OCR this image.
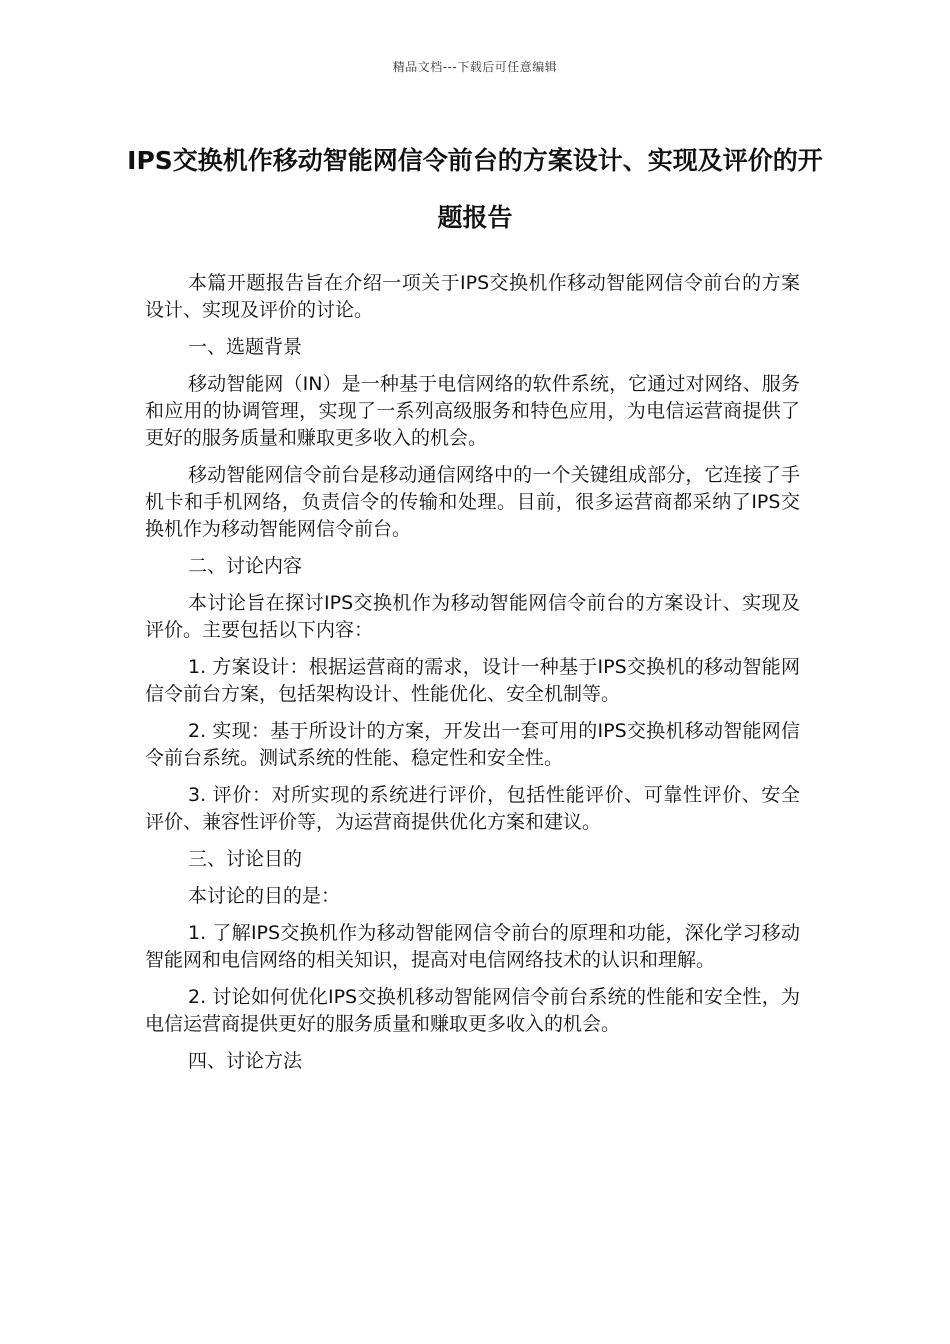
精品文档---下载后可任意编辑
IPS交换机作移动智能网信令前台的方案设计、实现及评价的开题报告

本篇开题报告旨在介绍一项关于IPS交换机作移动智能网信令前台的方案设计、实现及评价的讨论。

一、选题背景

移动智能网（IN）是一种基于电信网络的软件系统，它通过对网络、服务和应用的协调管理，实现了一系列高级服务和特色应用，为电信运营商提供了更好的服务质量和赚取更多收入的机会。

移动智能网信令前台是移动通信网络中的一个关键组成部分，它连接了手机卡和手机网络，负责信令的传输和处理。目前，很多运营商都采纳了IPS交换机作为移动智能网信令前台。

二、讨论内容

本讨论旨在探讨IPS交换机作为移动智能网信令前台的方案设计、实现及评价。主要包括以下内容：

1. 方案设计：根据运营商的需求，设计一种基于IPS交换机的移动智能网信令前台方案，包括架构设计、性能优化、安全机制等。

2. 实现：基于所设计的方案，开发出一套可用的IPS交换机移动智能网信令前台系统。测试系统的性能、稳定性和安全性。

3. 评价：对所实现的系统进行评价，包括性能评价、可靠性评价、安全评价、兼容性评价等，为运营商提供优化方案和建议。

三、讨论目的

本讨论的目的是：

1. 了解IPS交换机作为移动智能网信令前台的原理和功能，深化学习移动智能网和电信网络的相关知识，提高对电信网络技术的认识和理解。

2. 讨论如何优化IPS交换机移动智能网信令前台系统的性能和安全性，为电信运营商提供更好的服务质量和赚取更多收入的机会。

四、讨论方法
